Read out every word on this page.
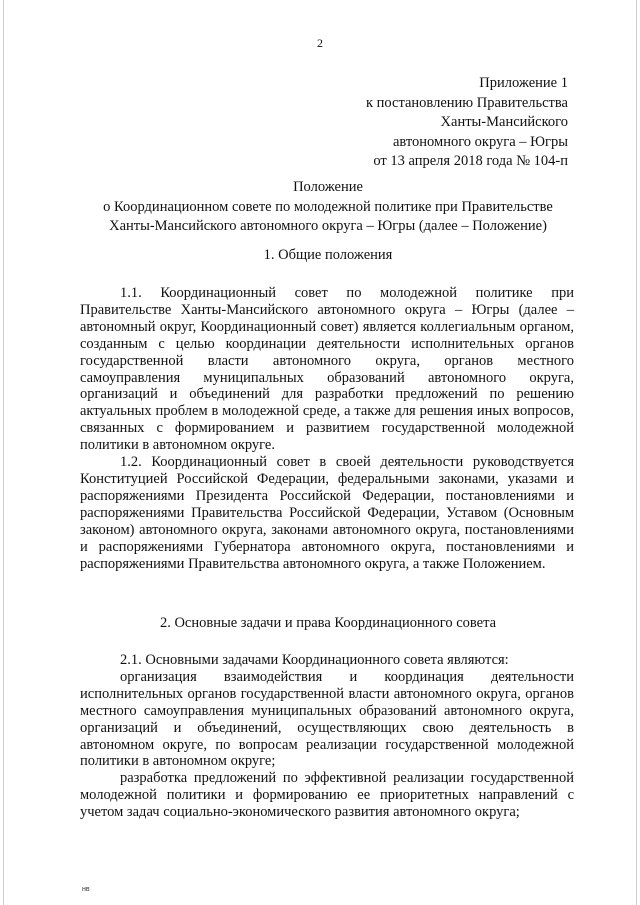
2
Приложение 1
к постановлению Правительства
Ханты-Мансийского
автономного округа – Югры
от 13 апреля 2018 года № 104-п
Положение
о Координационном совете по молодежной политике при Правительстве
Ханты-Мансийского автономного округа – Югры (далее – Положение)
1. Общие положения

1.1. Координационный совет по молодежной политике при Правительстве Ханты-Мансийского автономного округа – Югры (далее – автономный округ, Координационный совет) является коллегиальным органом, созданным с целью координации деятельности исполнительных органов государственной власти автономного округа, органов местного самоуправления муниципальных образований автономного округа, организаций и объединений для разработки предложений по решению актуальных проблем в молодежной среде, а также для решения иных вопросов, связанных с формированием и развитием государственной молодежной политики в автономном округе.

1.2. Координационный совет в своей деятельности руководствуется Конституцией Российской Федерации, федеральными законами, указами и распоряжениями Президента Российской Федерации, постановлениями и распоряжениями Правительства Российской Федерации, Уставом (Основным законом) автономного округа, законами автономного округа, постановлениями и распоряжениями Губернатора автономного округа, постановлениями и распоряжениями Правительства автономного округа, а также Положением.

2. Основные задачи и права Координационного совета

2.1. Основными задачами Координационного совета являются:

организация взаимодействия и координация деятельности исполнительных органов государственной власти автономного округа, органов местного самоуправления муниципальных образований автономного округа, организаций и объединений, осуществляющих свою деятельность в автономном округе, по вопросам реализации государственной молодежной политики в автономном округе;

разработка предложений по эффективной реализации государственной молодежной политики и формированию ее приоритетных направлений с учетом задач социально-экономического развития автономного округа;

нв
